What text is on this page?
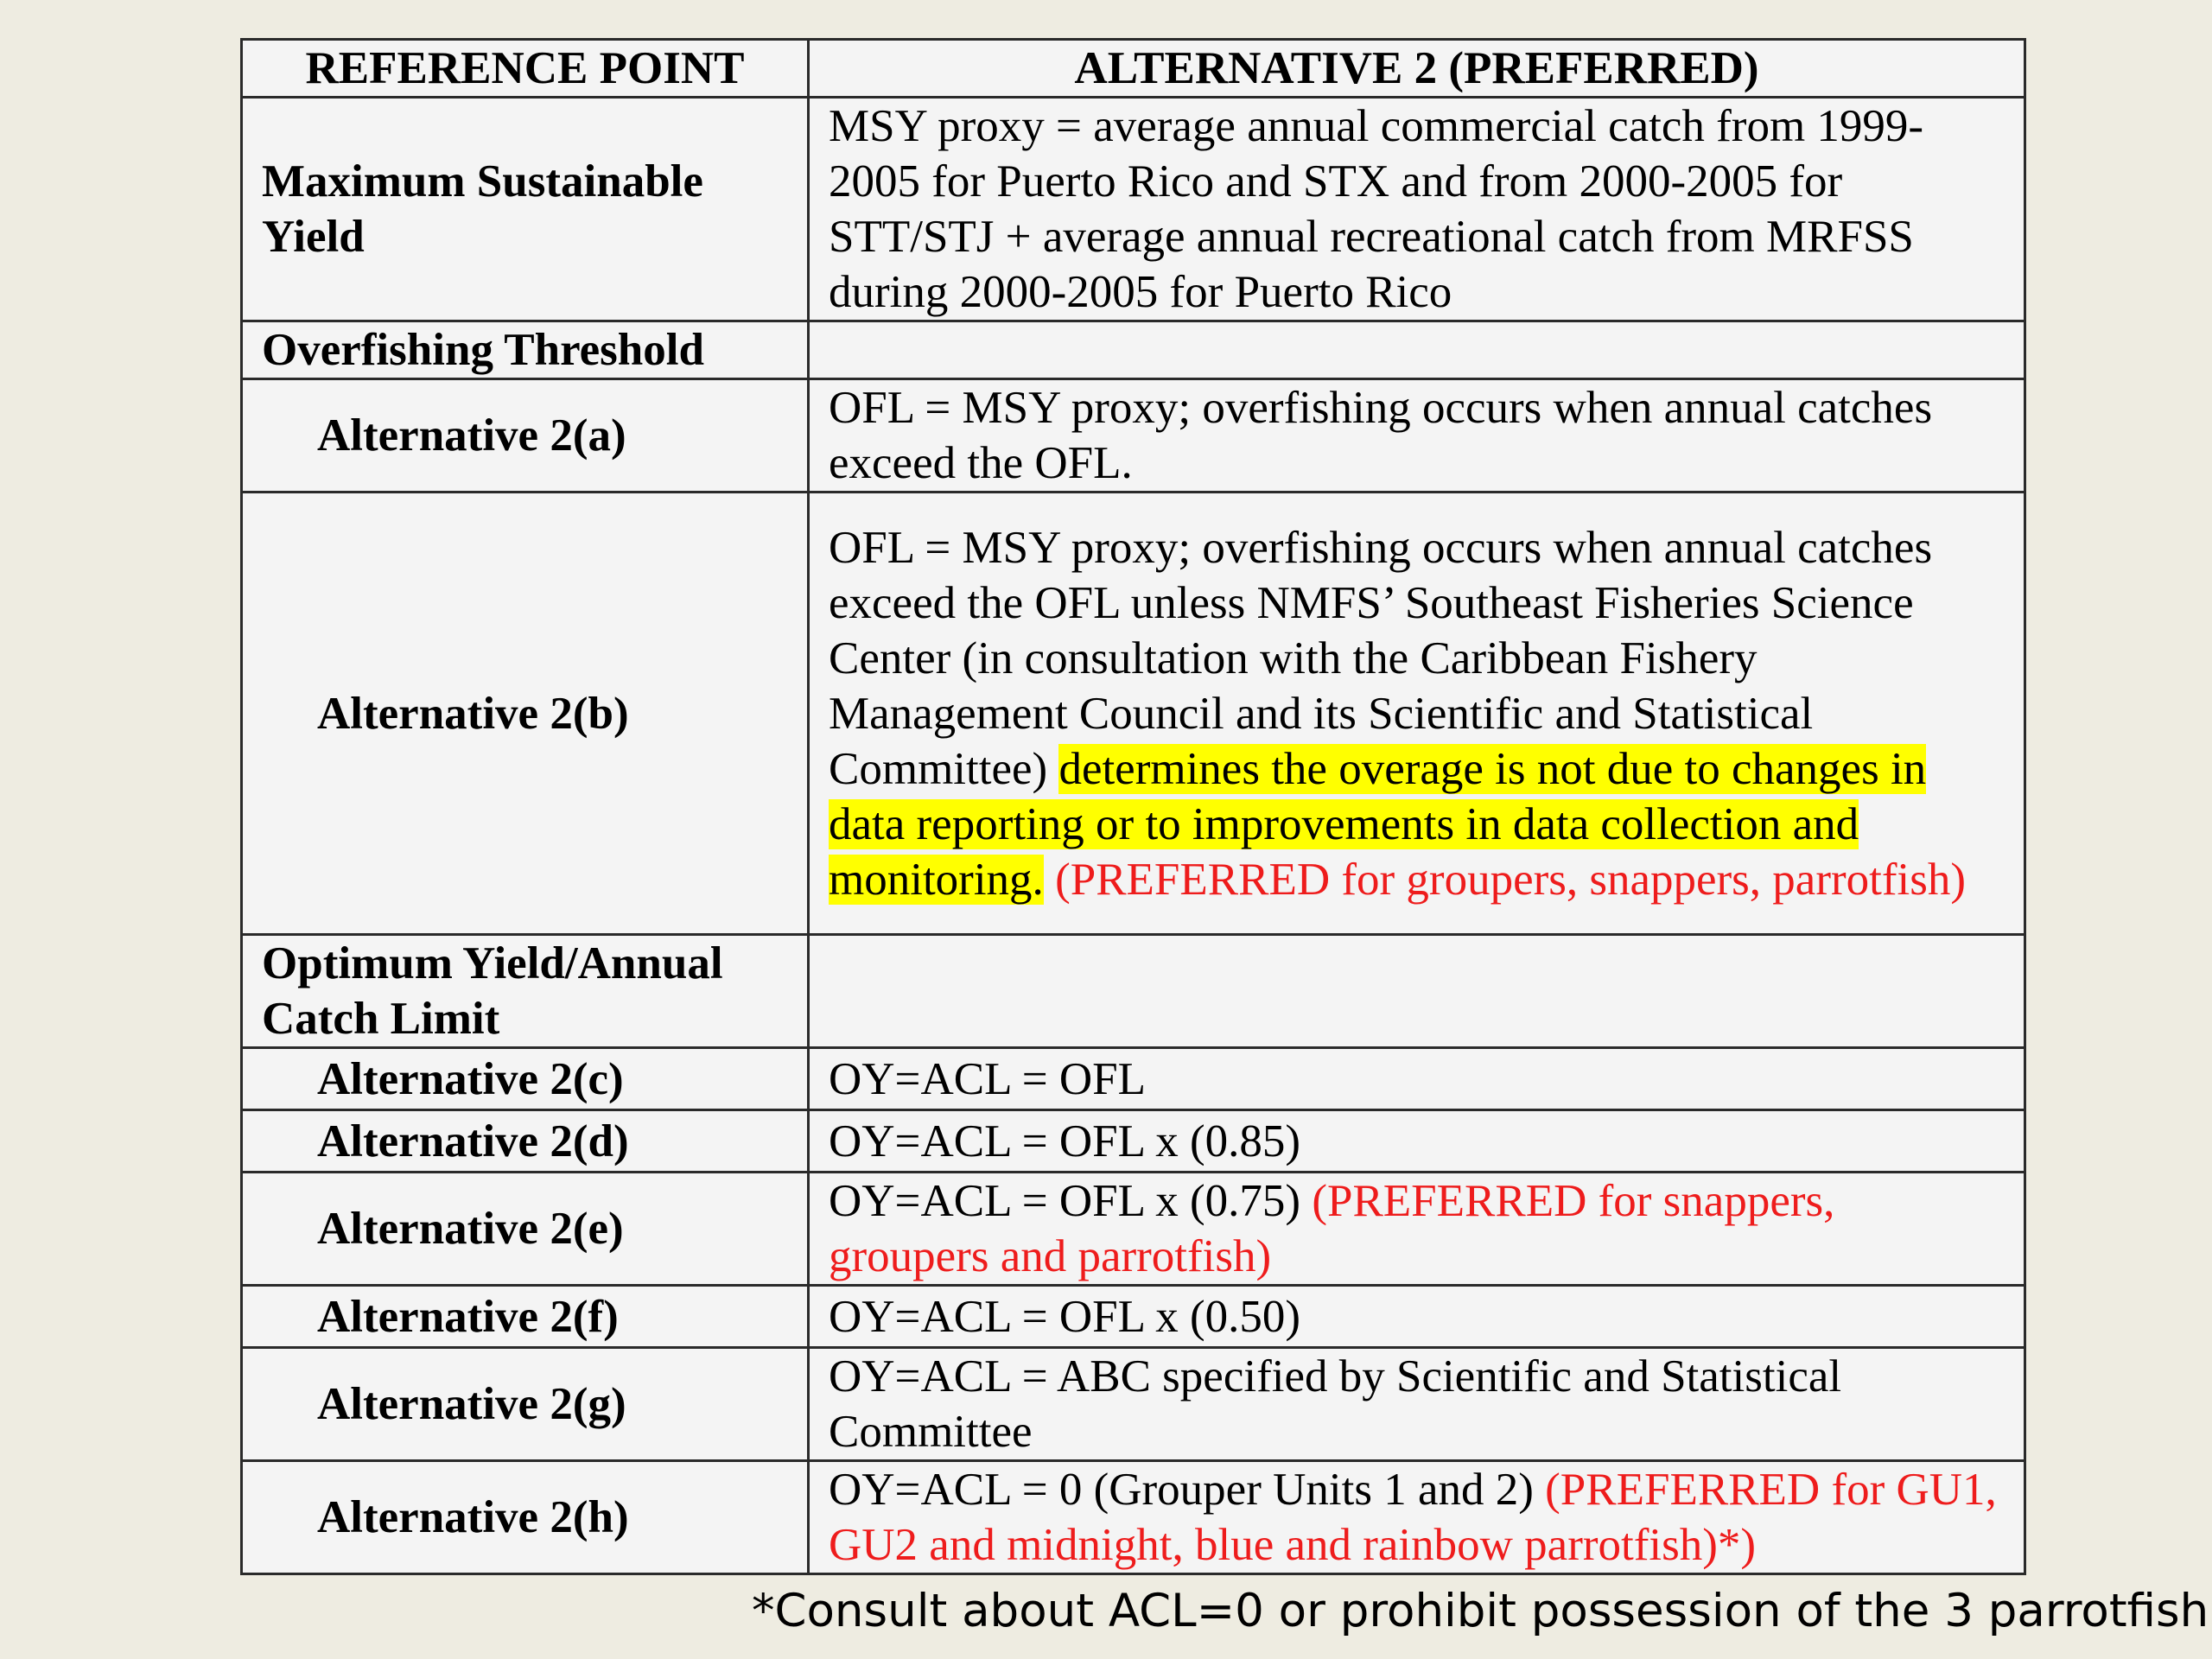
REFERENCE POINT	ALTERNATIVE 2 (PREFERRED)
Maximum Sustainable Yield	MSY proxy = average annual commercial catch from 1999-2005 for Puerto Rico and STX and from 2000-2005 for STT/STJ + average annual recreational catch from MRFSS during 2000-2005 for Puerto Rico
Overfishing Threshold	
Alternative 2(a)	OFL = MSY proxy; overfishing occurs when annual catches exceed the OFL.
Alternative 2(b)	OFL = MSY proxy; overfishing occurs when annual catches exceed the OFL unless NMFS’ Southeast Fisheries Science Center (in consultation with the Caribbean Fishery Management Council and its Scientific and Statistical Committee) determines the overage is not due to changes in data reporting or to improvements in data collection and monitoring. (PREFERRED for groupers, snappers, parrotfish)
Optimum Yield/Annual Catch Limit	
Alternative 2(c)	OY=ACL = OFL
Alternative 2(d)	OY=ACL = OFL x (0.85)
Alternative 2(e)	OY=ACL = OFL x (0.75) (PREFERRED for snappers, groupers and parrotfish)
Alternative 2(f)	OY=ACL = OFL x (0.50)
Alternative 2(g)	OY=ACL = ABC specified by Scientific and Statistical Committee
Alternative 2(h)	OY=ACL = 0 (Grouper Units 1 and 2) (PREFERRED for GU1, GU2 and midnight, blue and rainbow parrotfish)*)
*Consult about ACL=0 or prohibit possession of the 3 parrotfish
